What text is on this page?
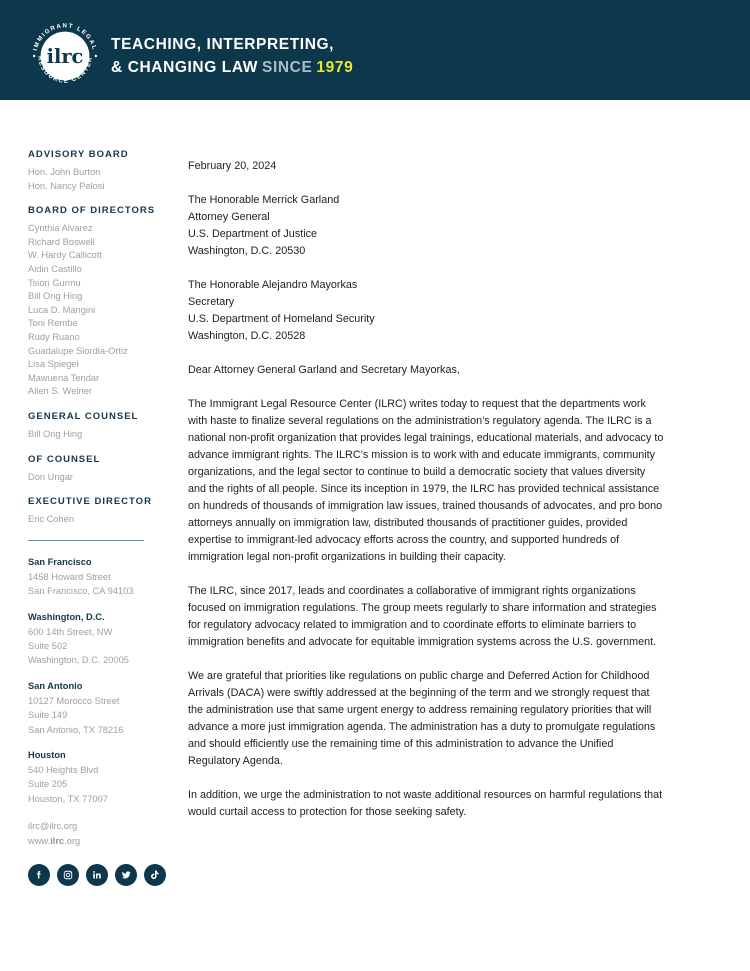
IMMIGRANT LEGAL
RESOURCE CENTER
ilrc
TEACHING, INTERPRETING,
& CHANGING LAW SINCE 1979
ADVISORY BOARD
Hon. John Burton
Hon. Nancy Pelosi
BOARD OF DIRECTORS
Cynthia Alvarez
Richard Boswell
W. Hardy Callicott
Aidin Castillo
Tsion Gurmu
Bill Ong Hing
Luca D. Mangini
Toni Rembe
Rudy Ruano
Guadalupe Siordia-Ortiz
Lisa Spiegel
Mawuena Tendar
Allen S. Weiner
GENERAL COUNSEL
Bill Ong Hing
OF COUNSEL
Don Ungar
EXECUTIVE DIRECTOR
Eric Cohen
San Francisco
1458 Howard Street
San Francisco, CA 94103
Washington, D.C.
600 14th Street, NW
Suite 502
Washington, D.C. 20005
San Antonio
10127 Morocco Street
Suite 149
San Antonio, TX 78216
Houston
540 Heights Blvd
Suite 205
Houston, TX 77007
ilrc@ilrc.org
www.ilrc.org
February 20, 2024
The Honorable Merrick Garland
Attorney General
U.S. Department of Justice
Washington, D.C. 20530
The Honorable Alejandro Mayorkas
Secretary
U.S. Department of Homeland Security
Washington, D.C. 20528
Dear Attorney General Garland and Secretary Mayorkas,

The Immigrant Legal Resource Center (ILRC) writes today to request that the departments work with haste to finalize several regulations on the administration’s regulatory agenda. The ILRC is a national non-profit organization that provides legal trainings, educational materials, and advocacy to advance immigrant rights. The ILRC’s mission is to work with and educate immigrants, community organizations, and the legal sector to continue to build a democratic society that values diversity and the rights of all people. Since its inception in 1979, the ILRC has provided technical assistance on hundreds of thousands of immigration law issues, trained thousands of advocates, and pro bono attorneys annually on immigration law, distributed thousands of practitioner guides, provided expertise to immigrant-led advocacy efforts across the country, and supported hundreds of immigration legal non-profit organizations in building their capacity.

The ILRC, since 2017, leads and coordinates a collaborative of immigrant rights organizations focused on immigration regulations. The group meets regularly to share information and strategies for regulatory advocacy related to immigration and to coordinate efforts to eliminate barriers to immigration benefits and advocate for equitable immigration systems across the U.S. government.

We are grateful that priorities like regulations on public charge and Deferred Action for Childhood Arrivals (DACA) were swiftly addressed at the beginning of the term and we strongly request that the administration use that same urgent energy to address remaining regulatory priorities that will advance a more just immigration agenda. The administration has a duty to promulgate regulations and should efficiently use the remaining time of this administration to advance the Unified Regulatory Agenda.

In addition, we urge the administration to not waste additional resources on harmful regulations that would curtail access to protection for those seeking safety.
